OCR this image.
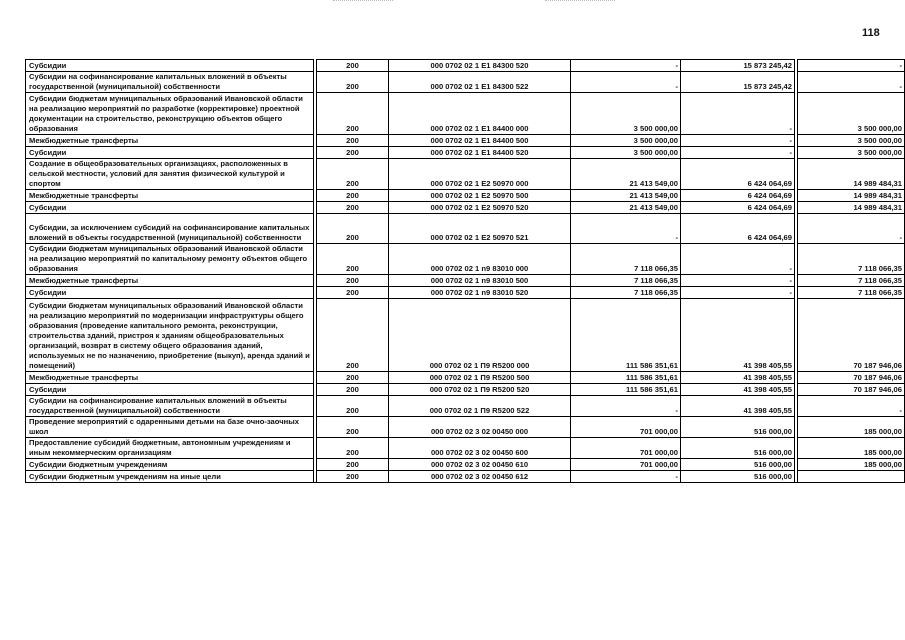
118
Субсидии		200	000 0702 02 1 E1 84300 520	-	15 873 245,42		-
Субсидии на софинансирование капитальных вложений в объекты государственной (муниципальной) собственности		200	000 0702 02 1 E1 84300 522	-	15 873 245,42		-
Субсидии бюджетам муниципальных образований Ивановской области на реализацию мероприятий по разработке (корректировке) проектной документации на строительство, реконструкцию объектов общего образования		200	000 0702 02 1 E1 84400 000	3 500 000,00	-		3 500 000,00
Межбюджетные трансферты		200	000 0702 02 1 E1 84400 500	3 500 000,00	-		3 500 000,00
Субсидии		200	000 0702 02 1 E1 84400 520	3 500 000,00	-		3 500 000,00
Создание в общеобразовательных организациях, расположенных в сельской местности, условий для занятия физической культурой и спортом		200	000 0702 02 1 E2 50970 000	21 413 549,00	6 424 064,69		14 989 484,31
Межбюджетные трансферты		200	000 0702 02 1 E2 50970 500	21 413 549,00	6 424 064,69		14 989 484,31
Субсидии		200	000 0702 02 1 E2 50970 520	21 413 549,00	6 424 064,69		14 989 484,31
Субсидии, за исключением субсидий на софинансирование капитальных вложений в объекты государственной (муниципальной) собственности		200	000 0702 02 1 E2 50970 521	-	6 424 064,69		-
Субсидии бюджетам муниципальных образований Ивановской области на реализацию мероприятий по капитальному ремонту объектов общего образования		200	000 0702 02 1 n9 83010 000	7 118 066,35	-		7 118 066,35
Межбюджетные трансферты		200	000 0702 02 1 n9 83010 500	7 118 066,35	-		7 118 066,35
Субсидии		200	000 0702 02 1 n9 83010 520	7 118 066,35	-		7 118 066,35
Субсидии бюджетам муниципальных образований Ивановской области на реализацию мероприятий по модернизации инфраструктуры общего образования (проведение капитального ремонта, реконструкции, строительства зданий, пристроя к зданиям общеобразовательных организаций, возврат в систему общего образования зданий, используемых не по назначению, приобретение (выкуп), аренда зданий и помещений)		200	000 0702 02 1 П9 R5200 000	111 586 351,61	41 398 405,55		70 187 946,06
Межбюджетные трансферты		200	000 0702 02 1 П9 R5200 500	111 586 351,61	41 398 405,55		70 187 946,06
Субсидии		200	000 0702 02 1 П9 R5200 520	111 586 351,61	41 398 405,55		70 187 946,06
Субсидии на софинансирование капитальных вложений в объекты государственной (муниципальной) собственности		200	000 0702 02 1 П9 R5200 522	-	41 398 405,55		-
Проведение мероприятий с одаренными детьми на базе очно-заочных школ		200	000 0702 02 3 02 00450 000	701 000,00	516 000,00		185 000,00
Предоставление субсидий бюджетным, автономным учреждениям и иным некоммерческим организациям		200	000 0702 02 3 02 00450 600	701 000,00	516 000,00		185 000,00
Субсидии бюджетным учреждениям		200	000 0702 02 3 02 00450 610	701 000,00	516 000,00		185 000,00
Субсидии бюджетным учреждениям на иные цели		200	000 0702 02 3 02 00450 612	-	516 000,00		
